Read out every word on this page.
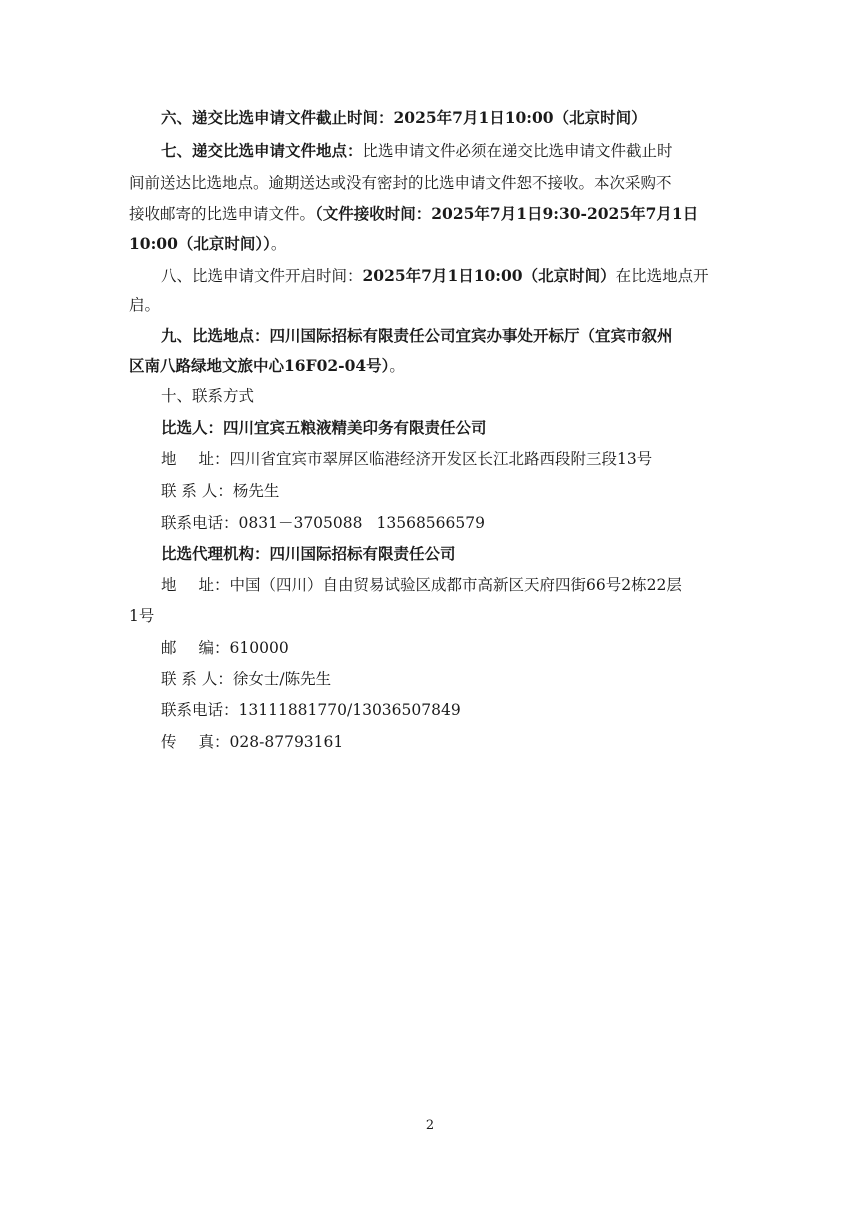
六、递交比选申请文件截止时间：2025年7月1日10:00（北京时间）
七、递交比选申请文件地点：比选申请文件必须在递交比选申请文件截止时
间前送达比选地点。逾期送达或没有密封的比选申请文件恕不接收。本次采购不
接收邮寄的比选申请文件。（文件接收时间：2025年7月1日9:30-2025年7月1日
10:00（北京时间））。
八、比选申请文件开启时间：2025年7月1日10:00（北京时间）在比选地点开
启。
九、比选地点：四川国际招标有限责任公司宜宾办事处开标厅（宜宾市叙州
区南八路绿地文旅中心16F02-04号）。
十、联系方式
比选人：四川宜宾五粮液精美印务有限责任公司
地 址：四川省宜宾市翠屏区临港经济开发区长江北路西段附三段13号
联 系 人：杨先生
联系电话：0831－3705088 13568566579
比选代理机构：四川国际招标有限责任公司
地 址：中国（四川）自由贸易试验区成都市高新区天府四街66号2栋22层
1号
邮 编：610000
联 系 人：徐女士/陈先生
联系电话：13111881770/13036507849
传 真：028-87793161
2
